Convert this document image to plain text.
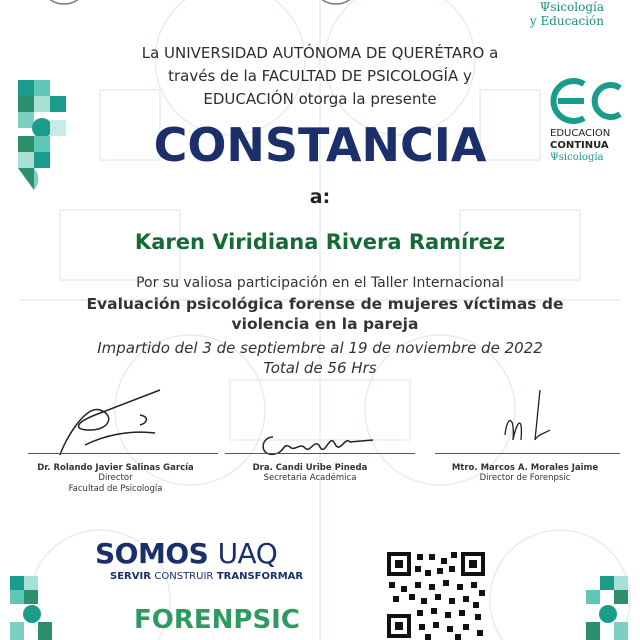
Ψsicología
y Educación
La UNIVERSIDAD AUTÓNOMA DE QUERÉTARO a
través de la FACULTAD DE PSICOLOGÍA y
EDUCACIÓN otorga la presente
EDUCACION
CONTINUA
Ψsicología
CONSTANCIA
a:
Karen Viridiana Rivera Ramírez
Por su valiosa participación en el Taller Internacional
Evaluación psicológica forense de mujeres víctimas de
violencia en la pareja
Impartido del 3 de septiembre al 19 de noviembre de 2022
Total de 56 Hrs
Dr. Rolando Javier Salinas García
Director
Facultad de Psicología
Dra. Candi Uribe Pineda
Secretaria Académica
Mtro. Marcos A. Morales Jaime
Director de Forenpsic
SOMOS UAQ
SERVIR CONSTRUIR TRANSFORMAR
FORENPSIC
